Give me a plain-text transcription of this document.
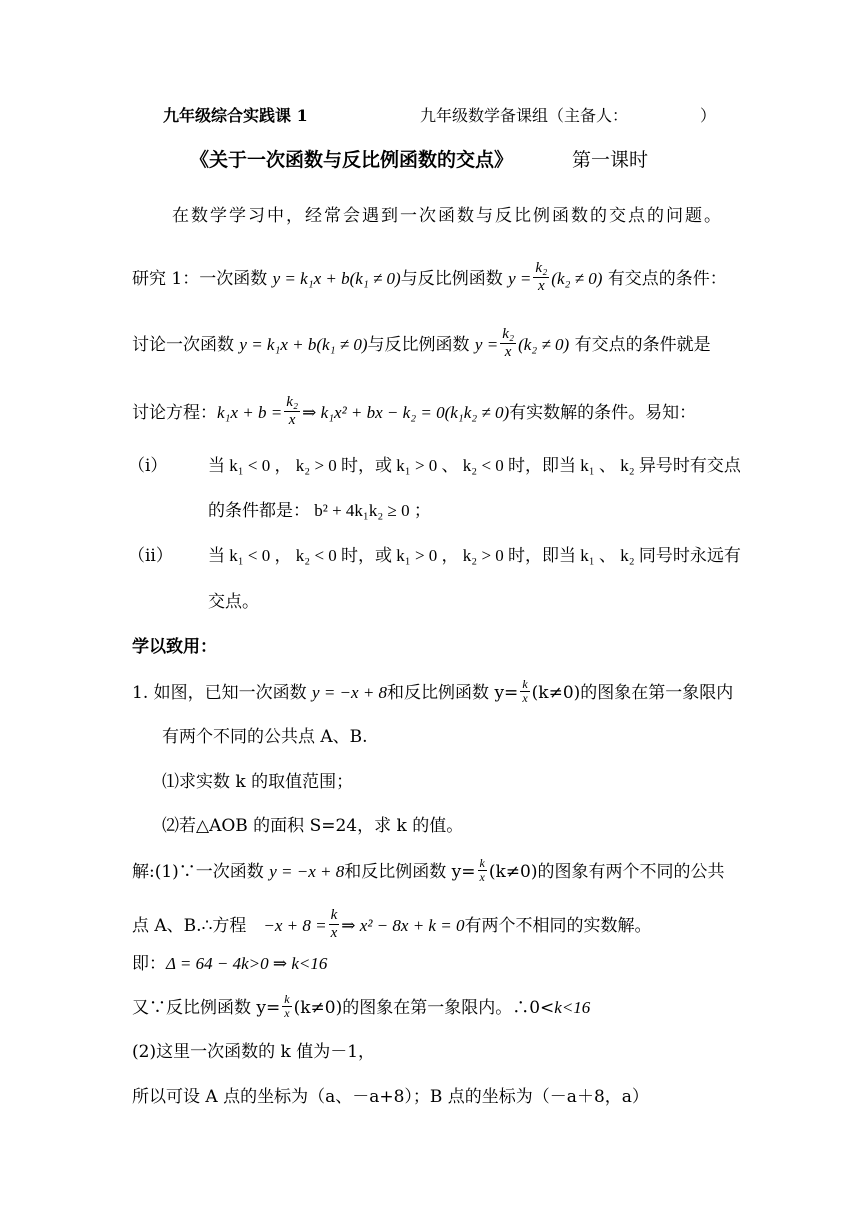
九年级综合实践课 1	九年级数学备课组（主备人：　　　　　）
《关于一次函数与反比例函数的交点》	第一课时
在数学学习中，经常会遇到一次函数与反比例函数的交点的问题。
研究 1：一次函数 y = k₁x + b(k₁ ≠ 0)与反比例函数 $y = \frac{\text{k₂}}{x} (k_2 \ne 0)$ 有交点的条件：
讨论一次函数 y = k₁x + b(k₁ ≠ 0)与反比例函数 $y = \frac{\text{k₂}}{x} (k_2 \ne 0)$ 有交点的条件就是
讨论方程：$k_1x + b = \frac{\text{k₂}}{x}$ ⇒ k₁x² + bx − k₂ = 0(k₁k₂ ≠ 0)有实数解的条件。易知：
（i） 当 k₁ < 0 ， k₂ > 0 时，或 k₁ > 0 、 k₂ < 0 时，即当 k₁ 、 k₂ 异号时有交点
的条件都是： b² + 4k₁k₂ ≥ 0 ；
（ii） 当 k₁ < 0 ， k₂ < 0 时，或 k₁ > 0 ， k₂ > 0 时，即当 k₁ 、 k₂ 同号时永远有
交点。
学以致用：
1. 如图，已知一次函数 y = −x + 8和反比例函数 $y= \frac{k}{x} (k\ne 0)$的图象在第一象限内
有两个不同的公共点 A、B.
⑴求实数 k 的取值范围；
⑵若△AOB 的面积 S=24，求 k 的值。
解:(1)∵一次函数 y = −x + 8和反比例函数 $y= \frac{k}{x} (k\ne 0)$的图象有两个不同的公共
点 A、B.∴方程　$-x + 8 = \frac{k}{x}$ ⇒ x² − 8x + k = 0有两个不相同的实数解。
即：Δ = 64 − 4k>0 ⇒ k<16
又∵反比例函数 $y= \frac{k}{x} (k\ne 0)$的图象在第一象限内。∴0<k<16
(2)这里一次函数的 k 值为－1，
所以可设 A 点的坐标为（a、－a+8）；B 点的坐标为（－a＋8，a）
